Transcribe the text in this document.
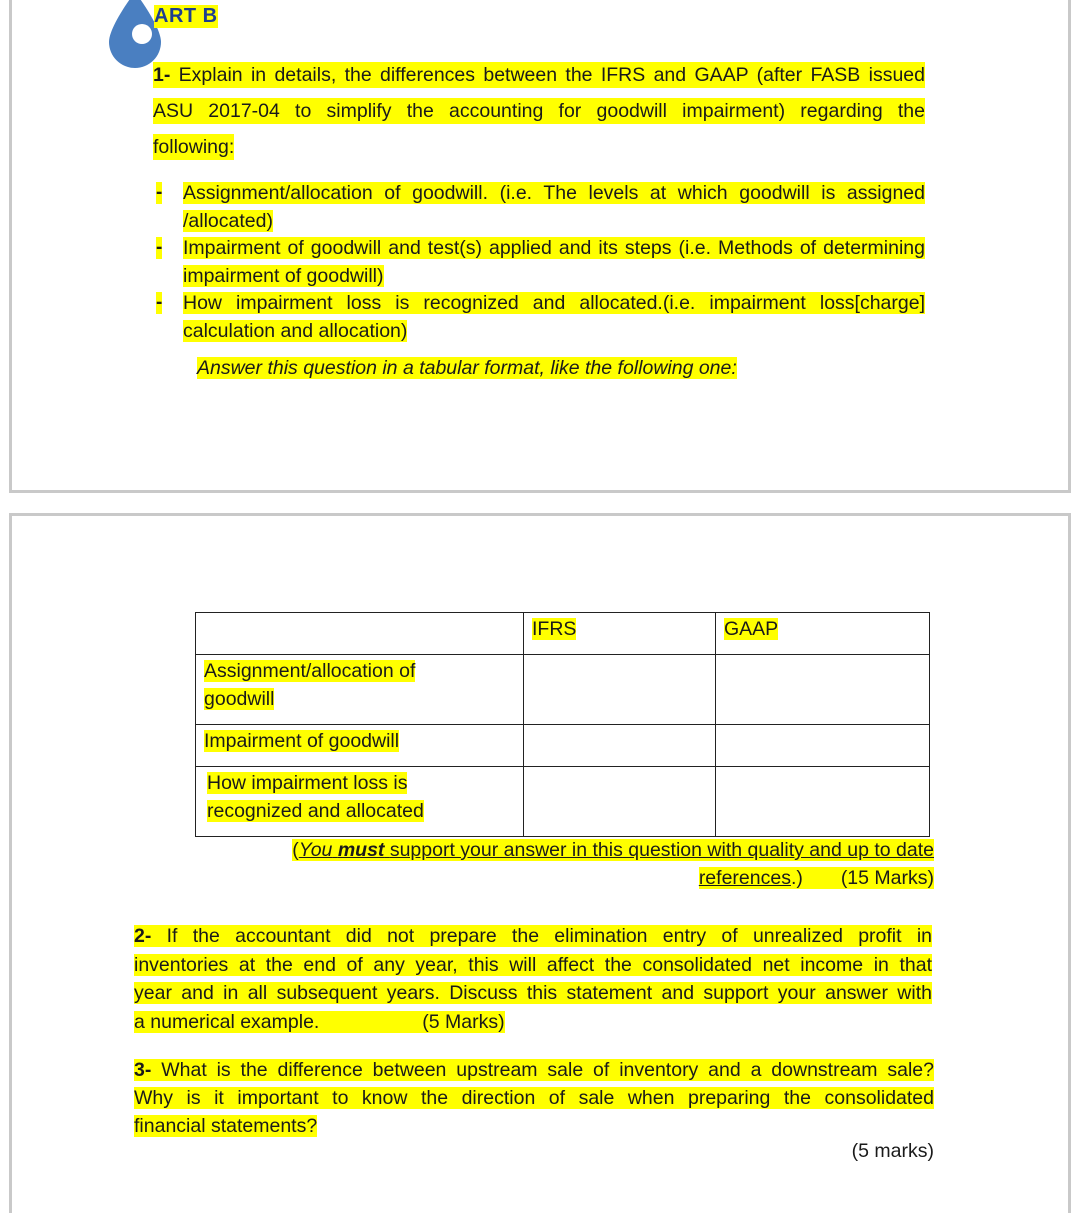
ART B
1- Explain in details, the differences between the IFRS and GAAP (after FASB issued
ASU 2017-04 to simplify the accounting for goodwill impairment) regarding the
following:
- Assignment/allocation of goodwill. (i.e. The levels at which goodwill is assigned
/allocated)
- Impairment of goodwill and test(s) applied and its steps (i.e. Methods of determining
impairment of goodwill)
- How impairment loss is recognized and allocated.(i.e. impairment loss[charge]
calculation and allocation)
Answer this question in a tabular format, like the following one:

	IFRS	GAAP

Assignment/allocation of
goodwill		

Impairment of goodwill		

How impairment loss is
recognized and allocated		

(You must support your answer in this question with quality and up to date
references.) (15 Marks)
2- If the accountant did not prepare the elimination entry of unrealized profit in
inventories at the end of any year, this will affect the consolidated net income in that
year and in all subsequent years. Discuss this statement and support your answer with
a numerical example.	(5 Marks)
3- What is the difference between upstream sale of inventory and a downstream sale?
Why is it important to know the direction of sale when preparing the consolidated
financial statements?
(5 marks)
